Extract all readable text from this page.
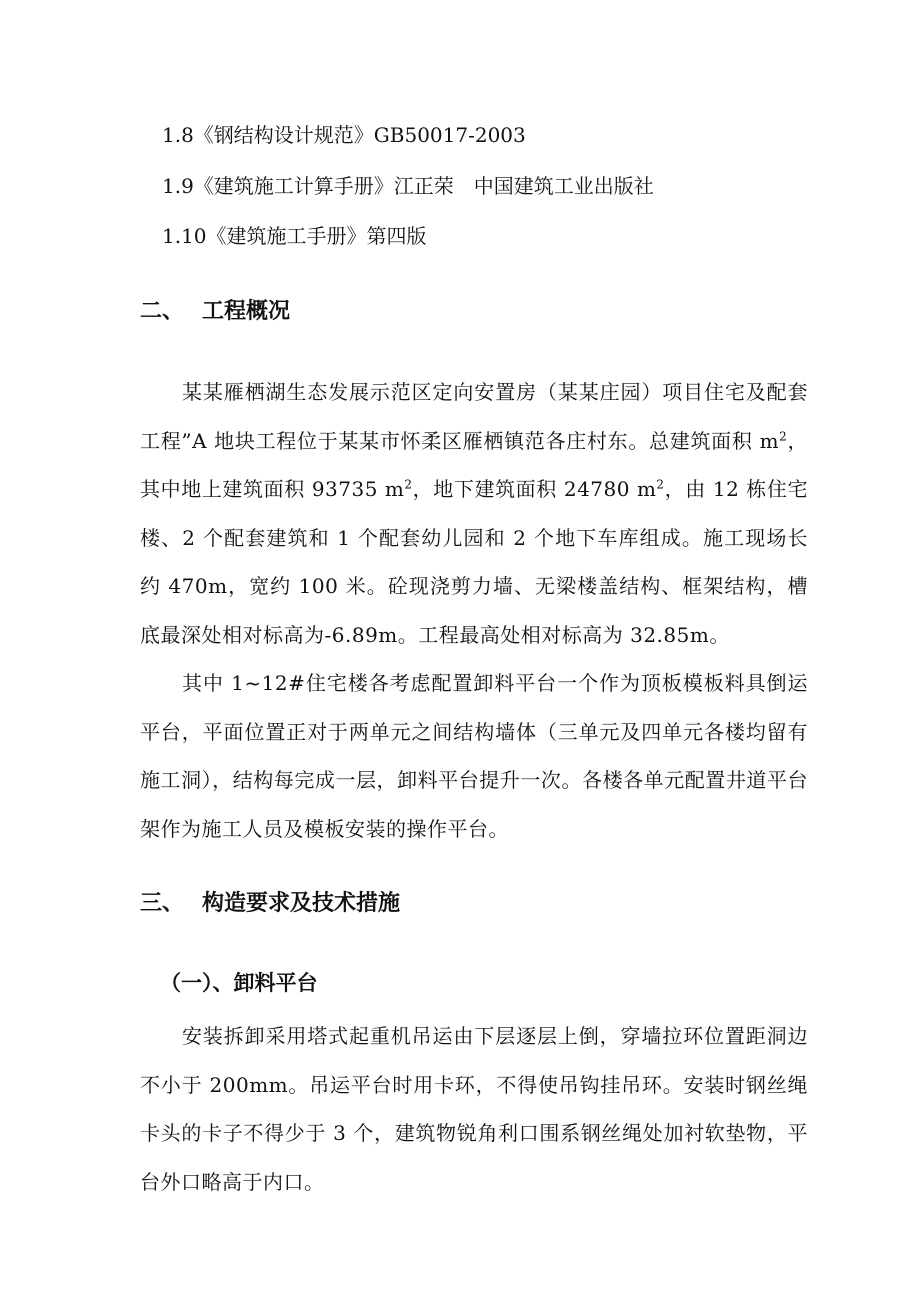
1.8《钢结构设计规范》GB50017-2003
1.9《建筑施工计算手册》江正荣　中国建筑工业出版社
1.10《建筑施工手册》第四版
二、 工程概况
某某雁栖湖生态发展示范区定向安置房（某某庄园）项目住宅及配套工程”A 地块工程位于某某市怀柔区雁栖镇范各庄村东。总建筑面积 $m^2$，其中地上建筑面积 93735 $m^2$，地下建筑面积 24780 $m^2$，由 12 栋住宅楼、2 个配套建筑和 1 个配套幼儿园和 2 个地下车库组成。施工现场长约 470m，宽约 100 米。砼现浇剪力墙、无梁楼盖结构、框架结构，槽底最深处相对标高为-6.89m。工程最高处相对标高为 32.85m。
其中 1~12#住宅楼各考虑配置卸料平台一个作为顶板模板料具倒运平台，平面位置正对于两单元之间结构墙体（三单元及四单元各楼均留有施工洞），结构每完成一层，卸料平台提升一次。各楼各单元配置井道平台架作为施工人员及模板安装的操作平台。
三、 构造要求及技术措施
（一）、卸料平台
安装拆卸采用塔式起重机吊运由下层逐层上倒，穿墙拉环位置距洞边不小于 200mm。吊运平台时用卡环，不得使吊钩挂吊环。安装时钢丝绳卡头的卡子不得少于 3 个，建筑物锐角利口围系钢丝绳处加衬软垫物，平台外口略高于内口。
